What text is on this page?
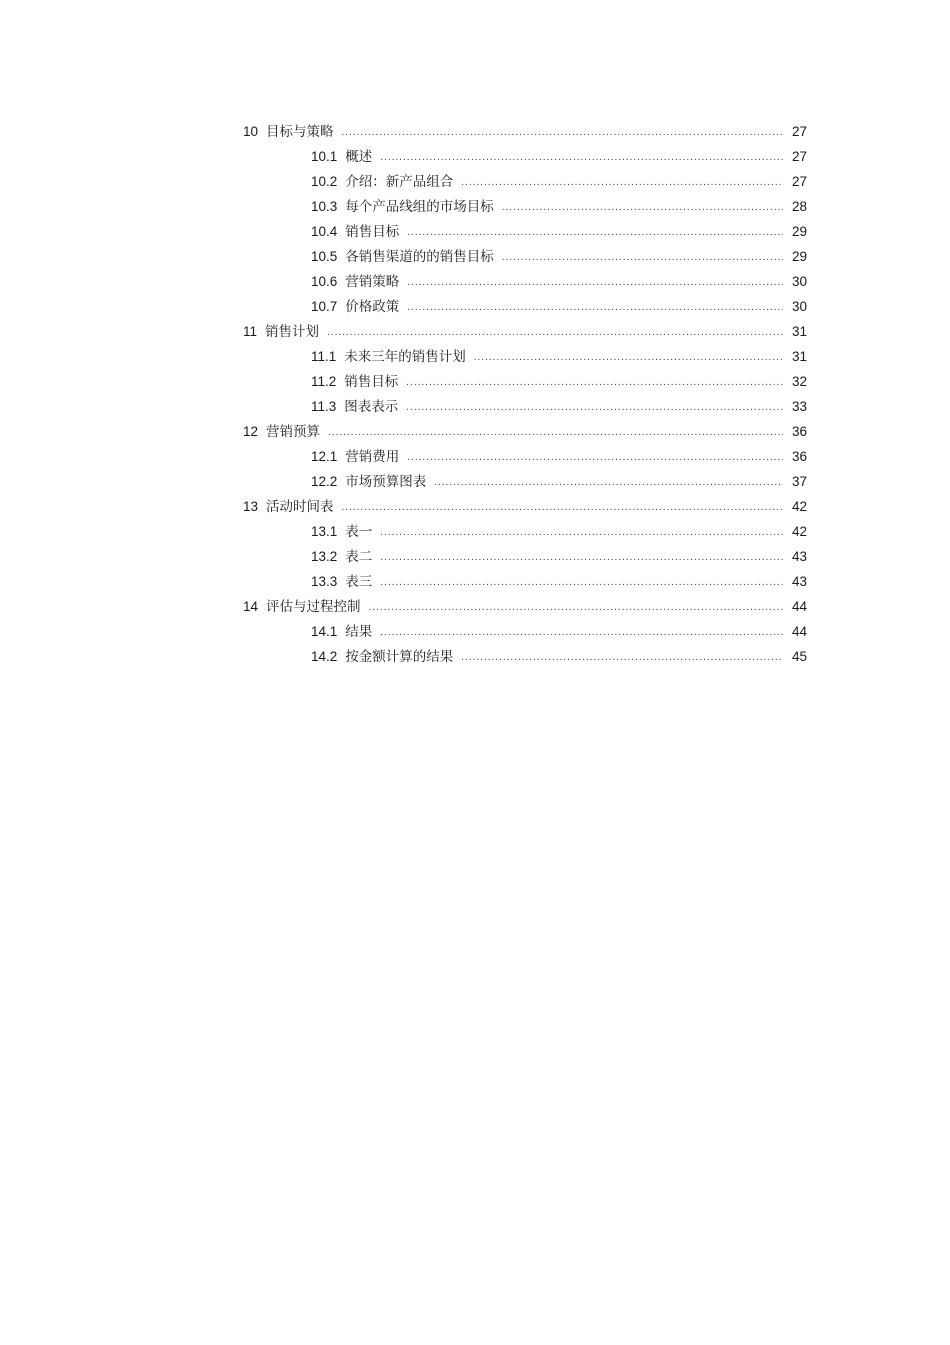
10 目标与策略 .....	27
10.1 概述 .....	27
10.2 介绍：新产品组合 .....	27
10.3 每个产品线组的市场目标 .....	28
10.4 销售目标 .....	29
10.5 各销售渠道的的销售目标 .....	29
10.6 营销策略 .....	30
10.7 价格政策 .....	30
11 销售计划 .....	31
11.1 未来三年的销售计划 .....	31
11.2 销售目标 .....	32
11.3 图表表示 .....	33
12 营销预算 .....	36
12.1 营销费用 .....	36
12.2 市场预算图表 .....	37
13 活动时间表 .....	42
13.1 表一 .....	42
13.2 表二 .....	43
13.3 表三 .....	43
14 评估与过程控制 .....	44
14.1 结果 .....	44
14.2 按金额计算的结果 .....	45
